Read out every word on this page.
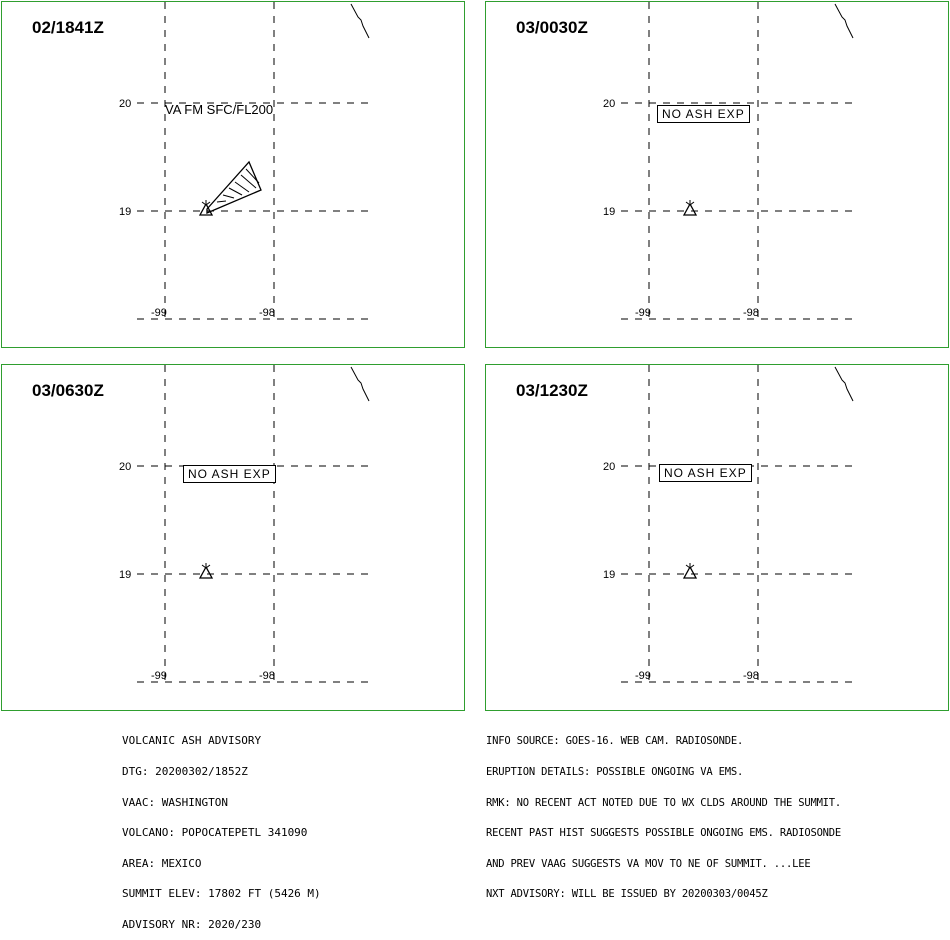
02/1841Z
20
19
-99	-98
VA FM SFC/FL200
03/0030Z
20
19
-99	-98
NO ASH EXP
03/0630Z
20
19
-99	-98
NO ASH EXP
03/1230Z
20
19
-99	-98
NO ASH EXP

VOLCANIC ASH ADVISORY

DTG: 20200302/1852Z

VAAC: WASHINGTON

VOLCANO: POPOCATEPETL 341090

AREA: MEXICO

SUMMIT ELEV: 17802 FT (5426 M)

ADVISORY NR: 2020/230

INFO SOURCE: GOES-16. WEB CAM. RADIOSONDE.

ERUPTION DETAILS: POSSIBLE ONGOING VA EMS.

RMK: NO RECENT ACT NOTED DUE TO WX CLDS AROUND THE SUMMIT.

RECENT PAST HIST SUGGESTS POSSIBLE ONGOING EMS. RADIOSONDE

AND PREV VAAG SUGGESTS VA MOV TO NE OF SUMMIT. ...LEE

NXT ADVISORY: WILL BE ISSUED BY 20200303/0045Z
